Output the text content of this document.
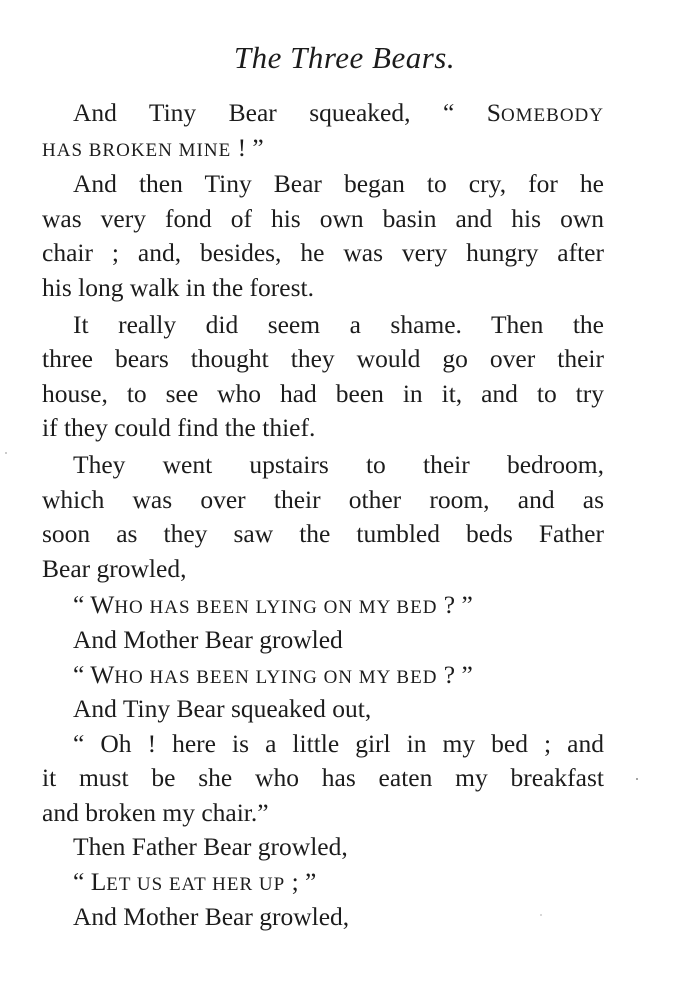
The Three Bears.
And Tiny Bear squeaked, “ SOMEBODY
HAS BROKEN MINE ! ”
And then Tiny Bear began to cry, for he
was very fond of his own basin and his own
chair ; and, besides, he was very hungry after
his long walk in the forest.
It really did seem a shame. Then the
three bears thought they would go over their
house, to see who had been in it, and to try
if they could find the thief.
They went upstairs to their bedroom,
which was over their other room, and as
soon as they saw the tumbled beds Father
Bear growled,
“ WHO HAS BEEN LYING ON MY BED ? ”
And Mother Bear growled
“ WHO HAS BEEN LYING ON MY BED ? ”
And Tiny Bear squeaked out,
“ Oh ! here is a little girl in my bed ; and
it must be she who has eaten my breakfast
and broken my chair.”
Then Father Bear growled,
“ LET US EAT HER UP ; ”
And Mother Bear growled,
